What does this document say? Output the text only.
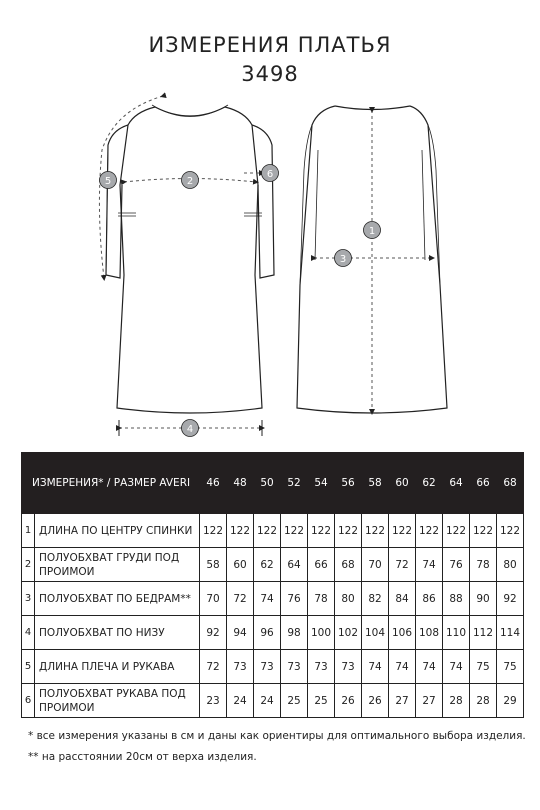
ИЗМЕРЕНИЯ ПЛАТЬЯ
3498
1
2
3
4
5
6
ИЗМЕРЕНИЯ* / РАЗМЕР AVERI		46	48	50	52	54	56	58	60	62	64	66	68
1	ДЛИНА ПО ЦЕНТРУ СПИНКИ	122	122	122	122	122	122	122	122	122	122	122	122
2	ПОЛУОБХВАТ ГРУДИ ПОД ПРОИМОИ	58	60	62	64	66	68	70	72	74	76	78	80
3	ПОЛУОБХВАТ ПО БЕДРАМ**	70	72	74	76	78	80	82	84	86	88	90	92
4	ПОЛУОБХВАТ ПО НИЗУ	92	94	96	98	100	102	104	106	108	110	112	114
5	ДЛИНА ПЛЕЧА И РУКАВА	72	73	73	73	73	73	74	74	74	74	75	75
6	ПОЛУОБХВАТ РУКАВА ПОД ПРОИМОИ	23	24	24	25	25	26	26	27	27	28	28	29
* все измерения указаны в см и даны как ориентиры для оптимального выбора изделия.
** на расстоянии 20см от верха изделия.
